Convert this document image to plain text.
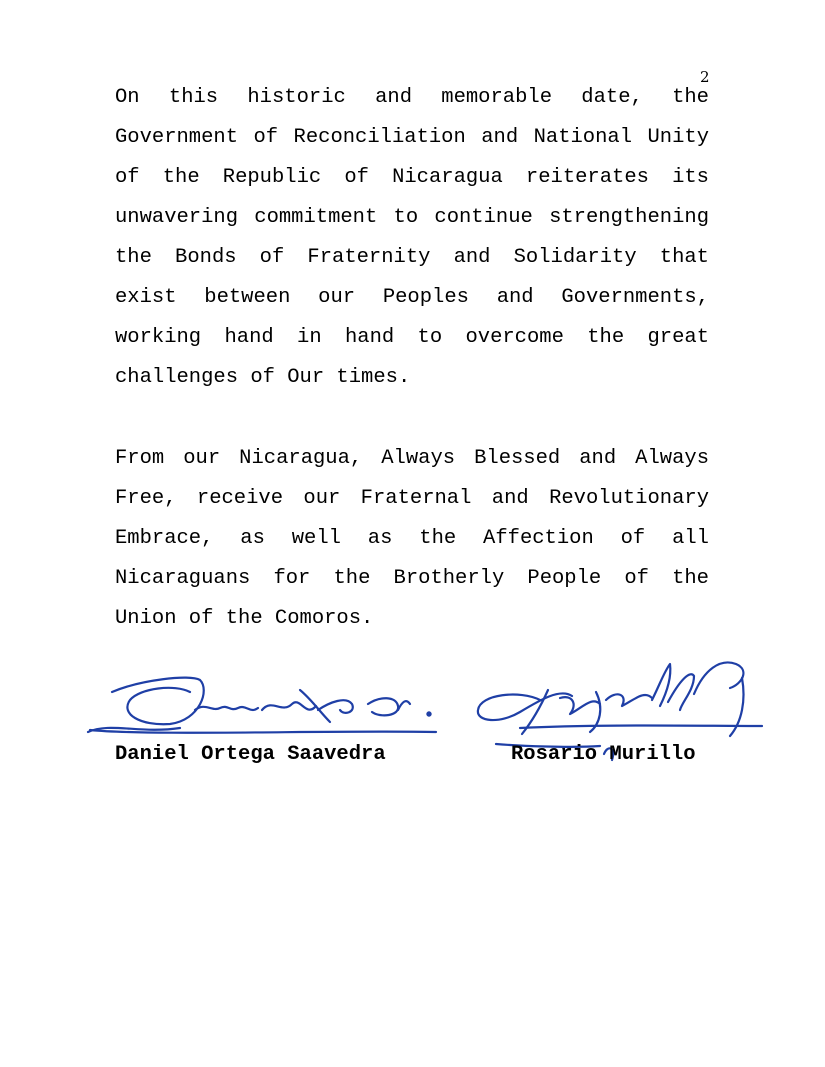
2

On this historic and memorable date, the Government of Reconciliation and National Unity of the Republic of Nicaragua reiterates its unwavering commitment to continue strengthening the Bonds of Fraternity and Solidarity that exist between our Peoples and Governments, working hand in hand to overcome the great challenges of Our times.

From our Nicaragua, Always Blessed and Always Free, receive our Fraternal and Revolutionary Embrace, as well as the Affection of all Nicaraguans for the Brotherly People of the Union of the Comoros.

Daniel Ortega Saavedra	Rosario Murillo
